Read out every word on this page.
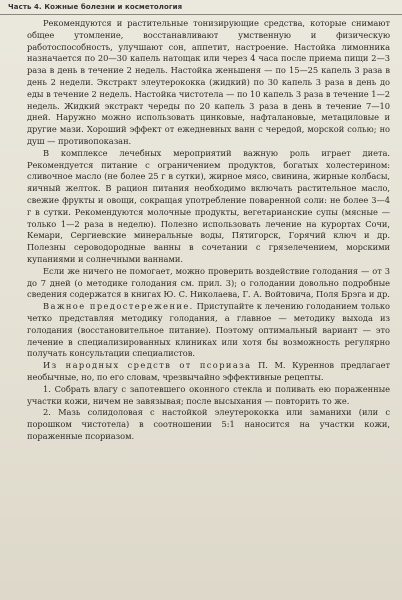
Часть 4. Кожные болезни и косметология

Рекомендуются и растительные тонизирующие средства, которые снимают общее утомление, восстанавливают умственную и физическую работоспособность, улучшают сон, аппетит, настроение. Настойка лимонника назначается по 20—30 капель натощак или через 4 часа после приема пищи 2—3 раза в день в течение 2 недель. Настойка женьшеня — по 15—25 капель 3 раза в день 2 недели. Экстракт элеутерококка (жидкий) по 30 капель 3 раза в день до еды в течение 2 недель. Настойка чистотела — по 10 капель 3 раза в течение 1—2 недель. Жидкий экстракт череды по 20 капель 3 раза в день в течение 7—10 дней. Наружно можно использовать цинковые, нафталановые, метациловые и другие мази. Хороший эффект от ежедневных ванн с чередой, морской солью; но душ — противопоказан.

В комплексе лечебных мероприятий важную роль играет диета. Рекомендуется питание с ограничением продуктов, богатых холестерином: сливочное масло (не более 25 г в сутки), жирное мясо, свинина, жирные колбасы, яичный желток. В рацион питания необходимо включать растительное масло, свежие фрукты и овощи, сокращая употребление поваренной соли: не более 3—4 г в сутки. Рекомендуются молочные продукты, вегетарианские супы (мясные — только 1—2 раза в неделю). Полезно использовать лечение на курортах Сочи, Кемари, Сергиевские минеральные воды, Пятигорск, Горячий ключ и др. Полезны сероводородные ванны в сочетании с грязелечением, морскими купаниями и солнечными ваннами.

Если же ничего не помогает, можно проверить воздействие голодания — от 3 до 7 дней (о методике голодания см. прил. 3); о голодании довольно подробные сведения содержатся в книгах Ю. С. Николаева, Г. А. Войтовича, Поля Брэга и др.

Важное предостережение. Приступайте к лечению голоданием только четко представляя методику голодания, а главное — методику выхода из голодания (восстановительное питание). Поэтому оптимальный вариант — это лечение в специализированных клиниках или хотя бы возможность регулярно получать консультации специалистов.

Из народных средств от псориаза П. М. Куреннов предлагает необычные, но, по его словам, чрезвычайно эффективные рецепты.

1. Собрать влагу с запотевшего оконного стекла и поливать ею пораженные участки кожи, ничем не завязывая; после высыхания — повторить то же.

2. Мазь солидоловая с настойкой элеутерококка или заманихи (или с порошком чистотела) в соотношении 5:1 наносится на участки кожи, пораженные псориазом.
